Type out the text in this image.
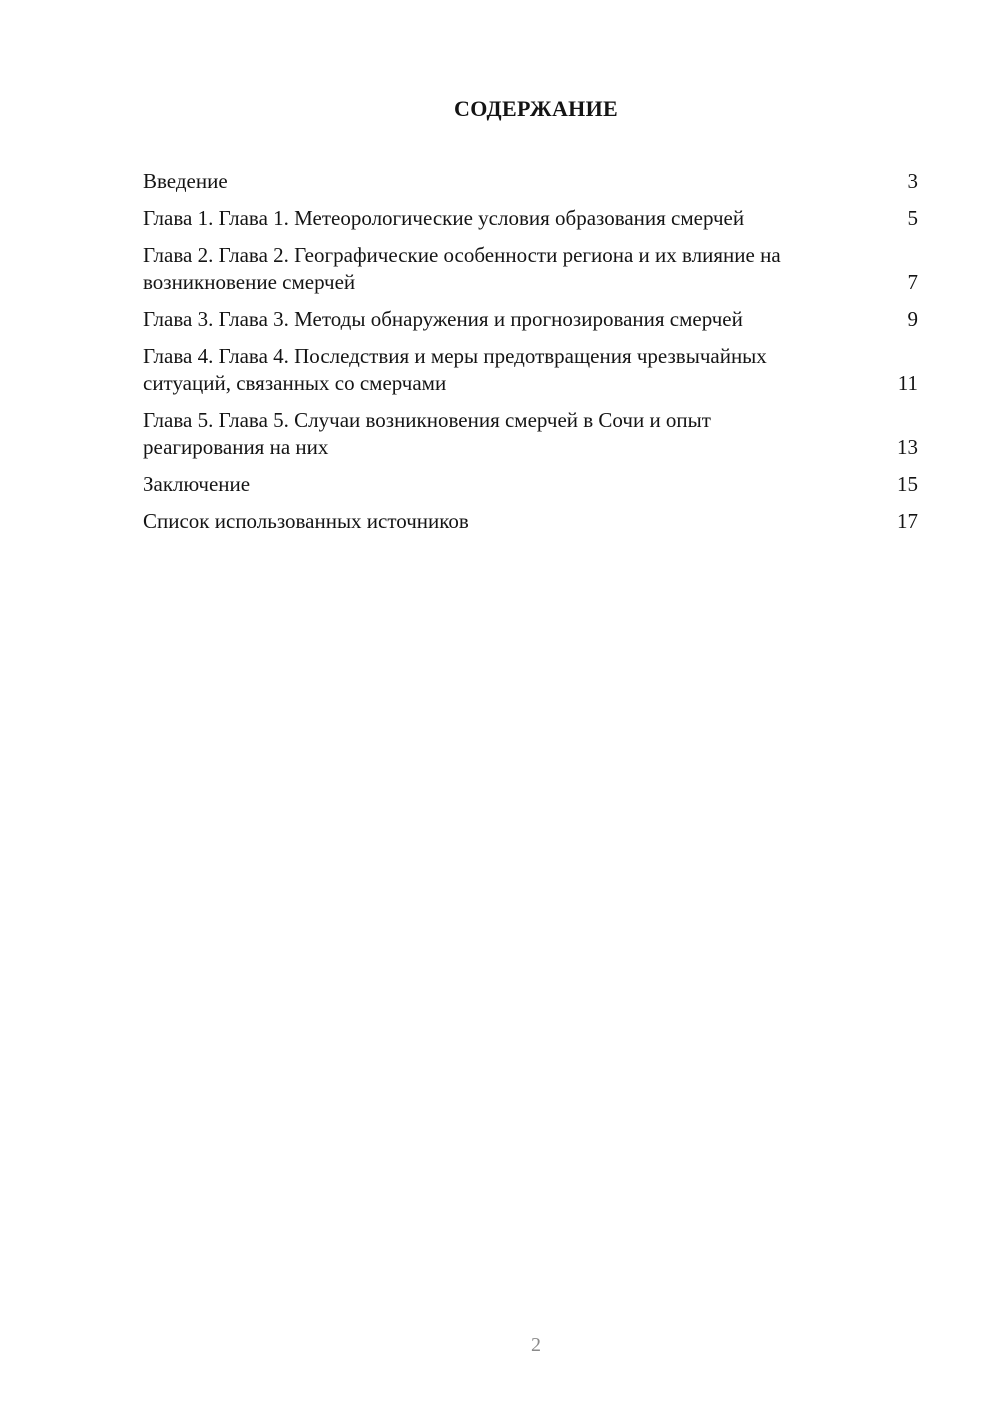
СОДЕРЖАНИЕ
Введение	3
Глава 1. Глава 1. Метеорологические условия образования смерчей	5
Глава 2. Глава 2. Географические особенности региона и их влияние на возникновение смерчей	7
Глава 3. Глава 3. Методы обнаружения и прогнозирования смерчей	9
Глава 4. Глава 4. Последствия и меры предотвращения чрезвычайных ситуаций, связанных со смерчами	11
Глава 5. Глава 5. Случаи возникновения смерчей в Сочи и опыт реагирования на них	13
Заключение	15
Список использованных источников	17
2
